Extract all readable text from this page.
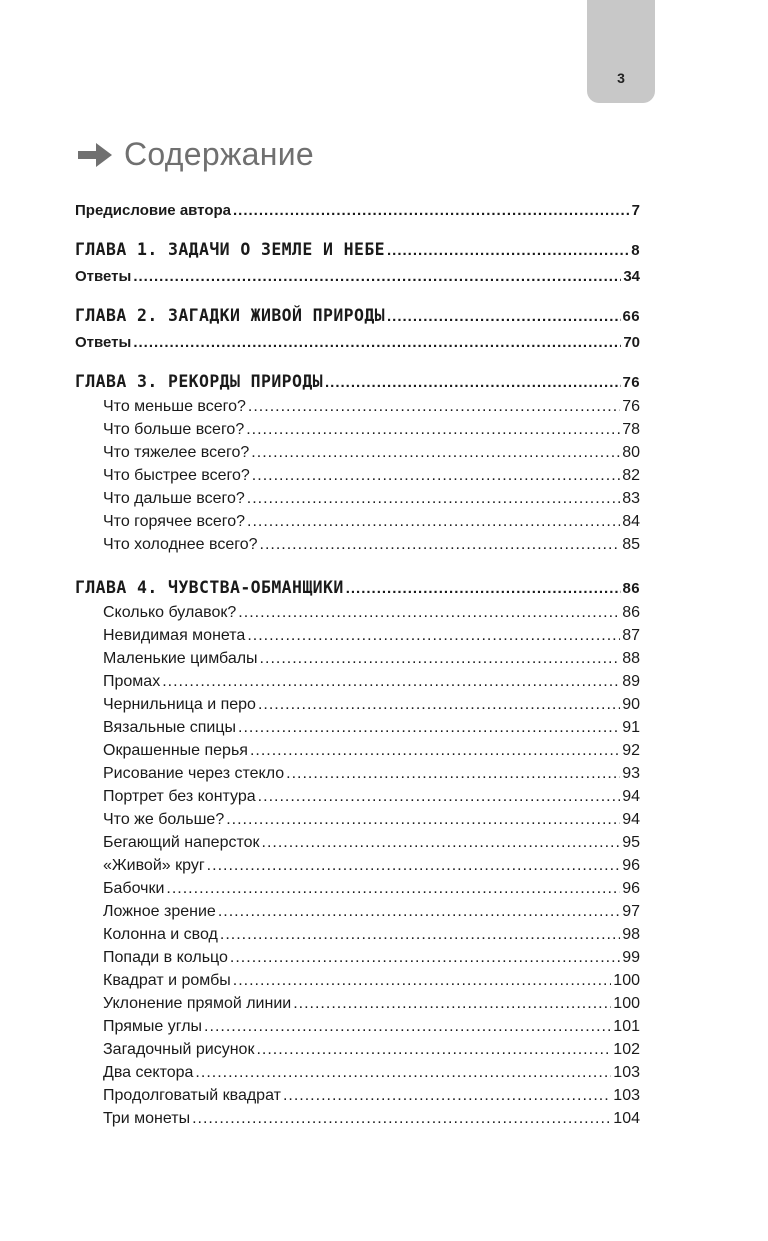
3
Содержание
Предисловие автора .....	7
ГЛАВА 1. ЗАДАЧИ О ЗЕМЛЕ И НЕБЕ .....	8
Ответы .....	34
ГЛАВА 2. ЗАГАДКИ ЖИВОЙ ПРИРОДЫ .....	66
Ответы .....	70
ГЛАВА 3. РЕКОРДЫ ПРИРОДЫ .....	76
Что меньше всего? .....	76
Что больше всего? .....	78
Что тяжелее всего? .....	80
Что быстрее всего? .....	82
Что дальше всего? .....	83
Что горячее всего? .....	84
Что холоднее всего? .....	85
ГЛАВА 4. ЧУВСТВА-ОБМАНЩИКИ .....	86
Сколько булавок? .....	86
Невидимая монета .....	87
Маленькие цимбалы .....	88
Промах .....	89
Чернильница и перо .....	90
Вязальные спицы .....	91
Окрашенные перья .....	92
Рисование через стекло .....	93
Портрет без контура .....	94
Что же больше? .....	94
Бегающий наперсток .....	95
«Живой» круг .....	96
Бабочки .....	96
Ложное зрение .....	97
Колонна и свод .....	98
Попади в кольцо .....	99
Квадрат и ромбы .....	100
Уклонение прямой линии .....	100
Прямые углы .....	101
Загадочный рисунок .....	102
Два сектора .....	103
Продолговатый квадрат .....	103
Три монеты .....	104
